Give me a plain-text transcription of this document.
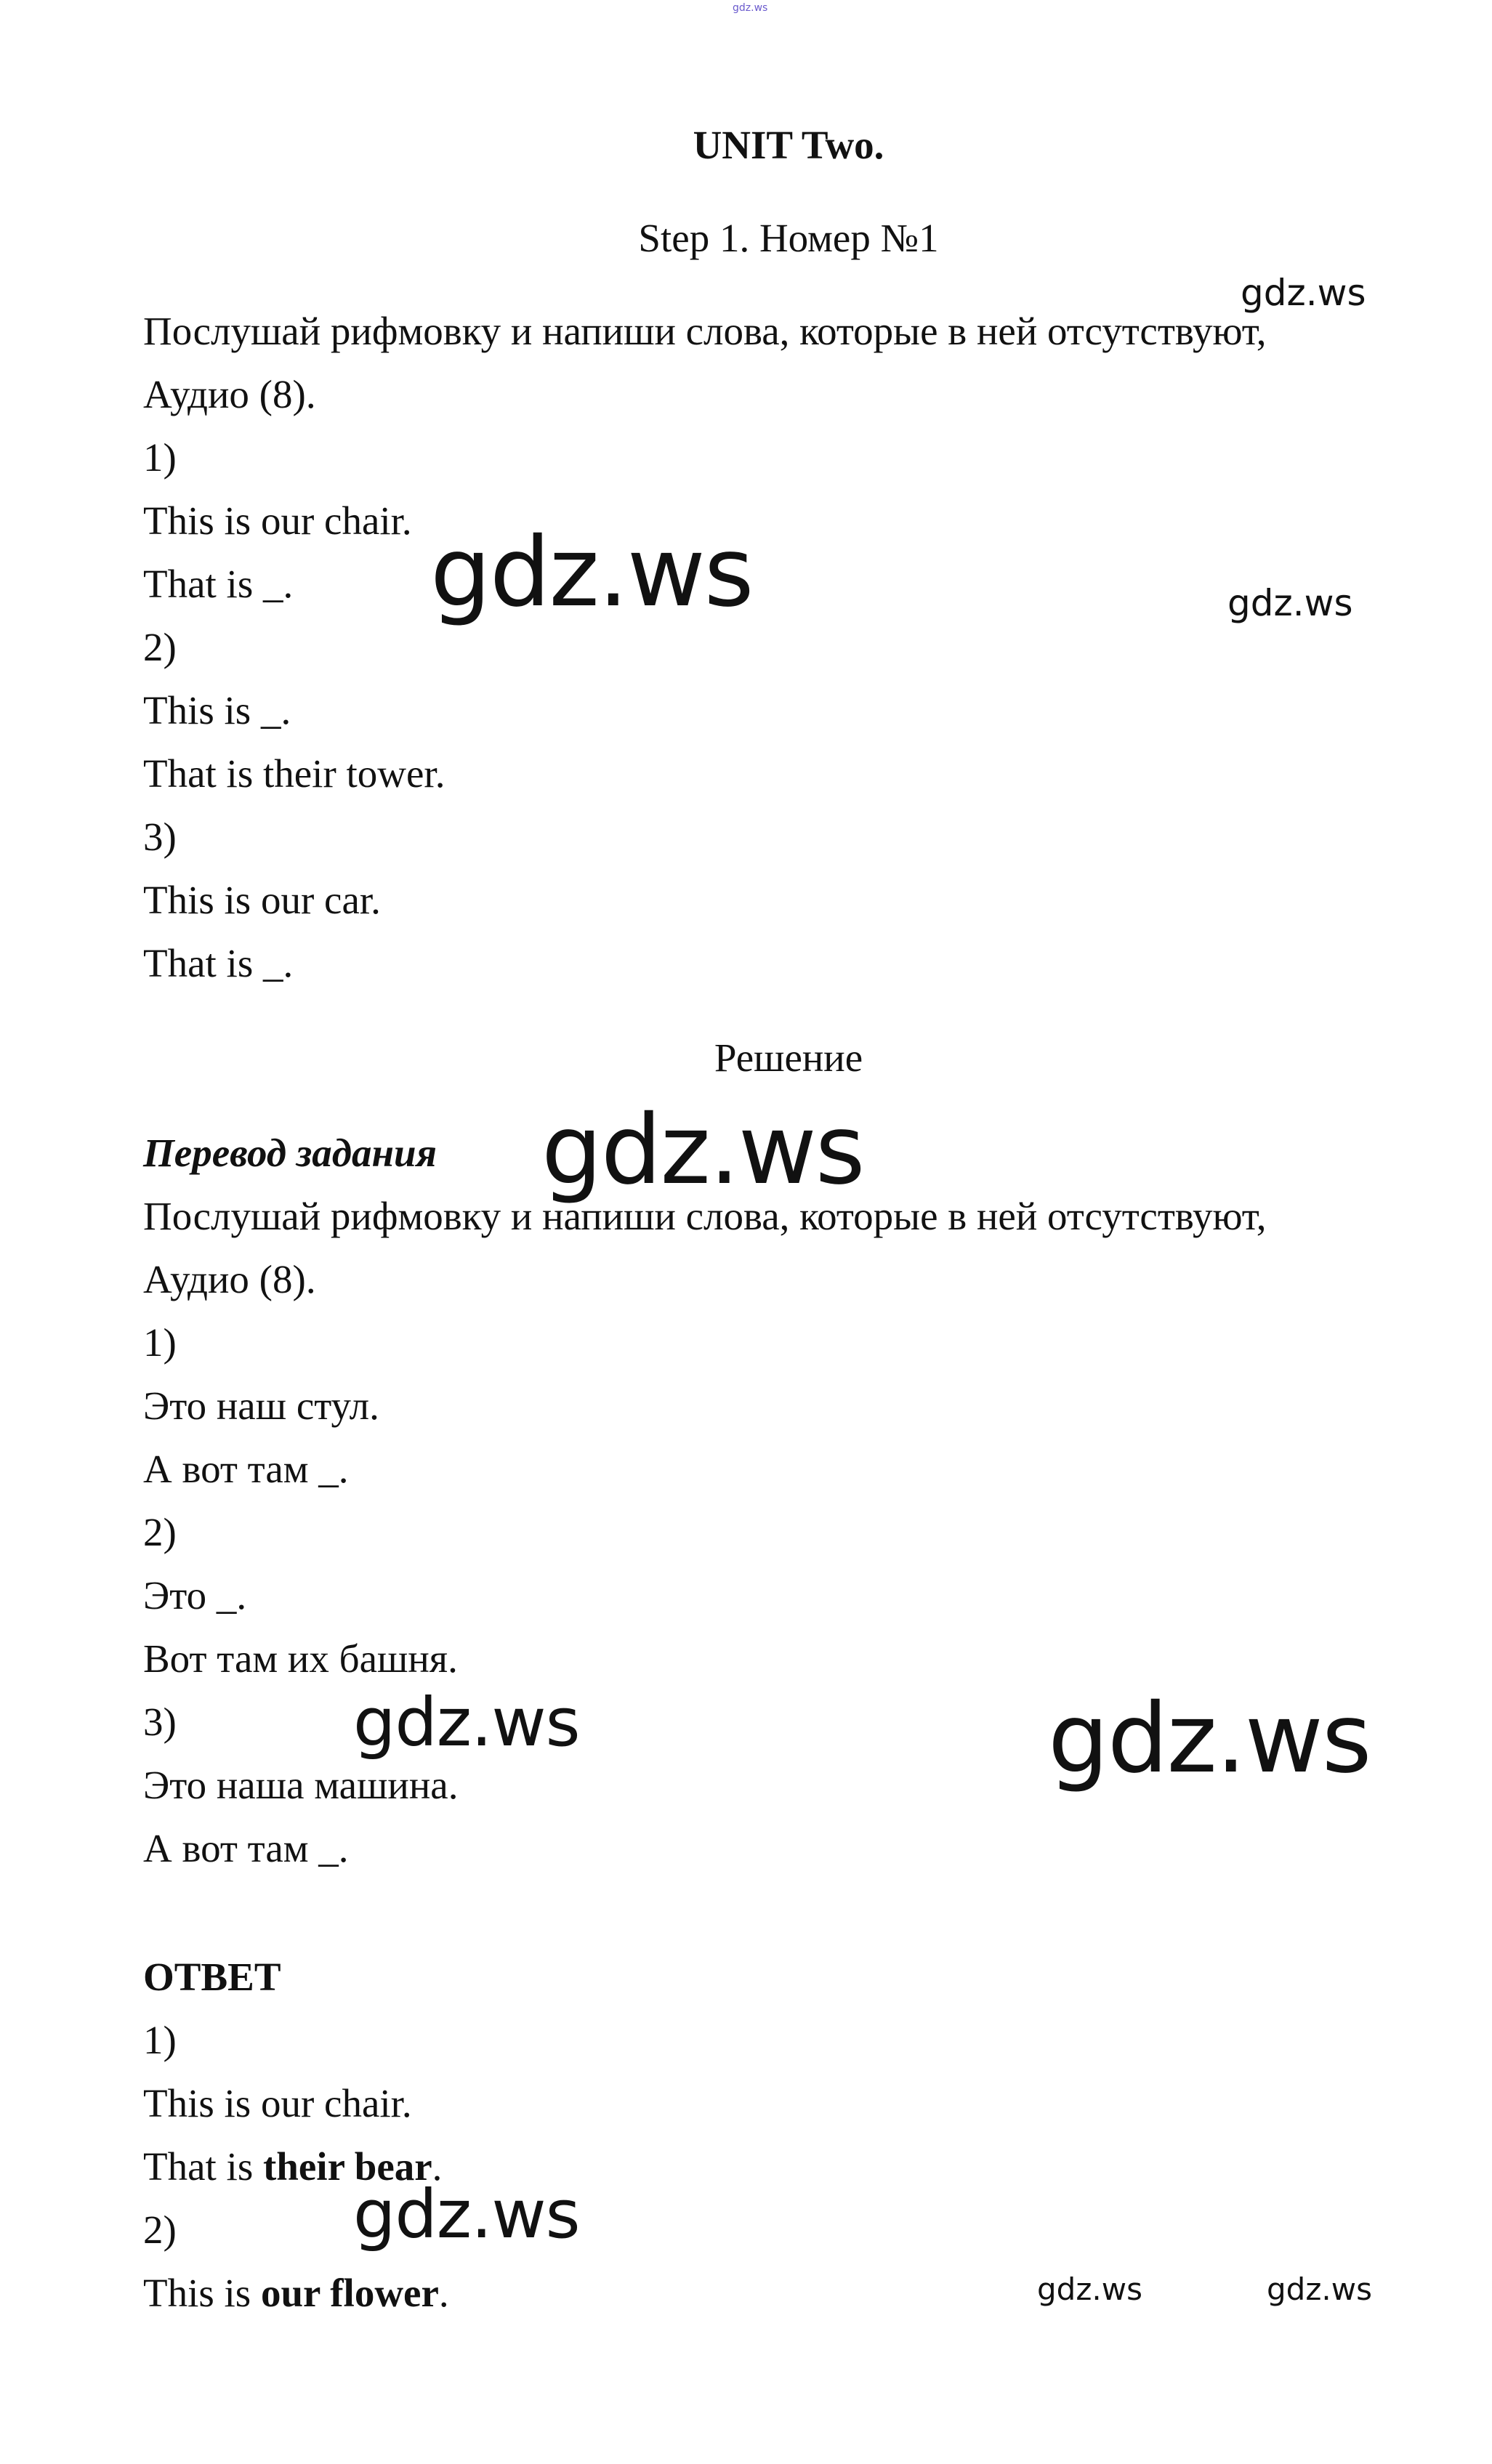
gdz.ws
UNIT Two.
Step 1. Номер №1
Послушай рифмовку и напиши слова, которые в ней отсутствуют,
Аудио (8).
1)
This is our chair.
That is _.
2)
This is _.
That is their tower.
3)
This is our car.
That is _.
Решение
Перевод задания
Послушай рифмовку и напиши слова, которые в ней отсутствуют,
Аудио (8).
1)
Это наш стул.
А вот там _.
2)
Это _.
Вот там их башня.
3)
Это наша машина.
А вот там _.
ОТВЕТ
1)
This is our chair.
That is their bear.
2)
This is our flower.
gdz.ws
gdz.ws	gdz.ws
gdz.ws
gdz.ws	gdz.ws
gdz.ws
gdz.ws	gdz.ws
